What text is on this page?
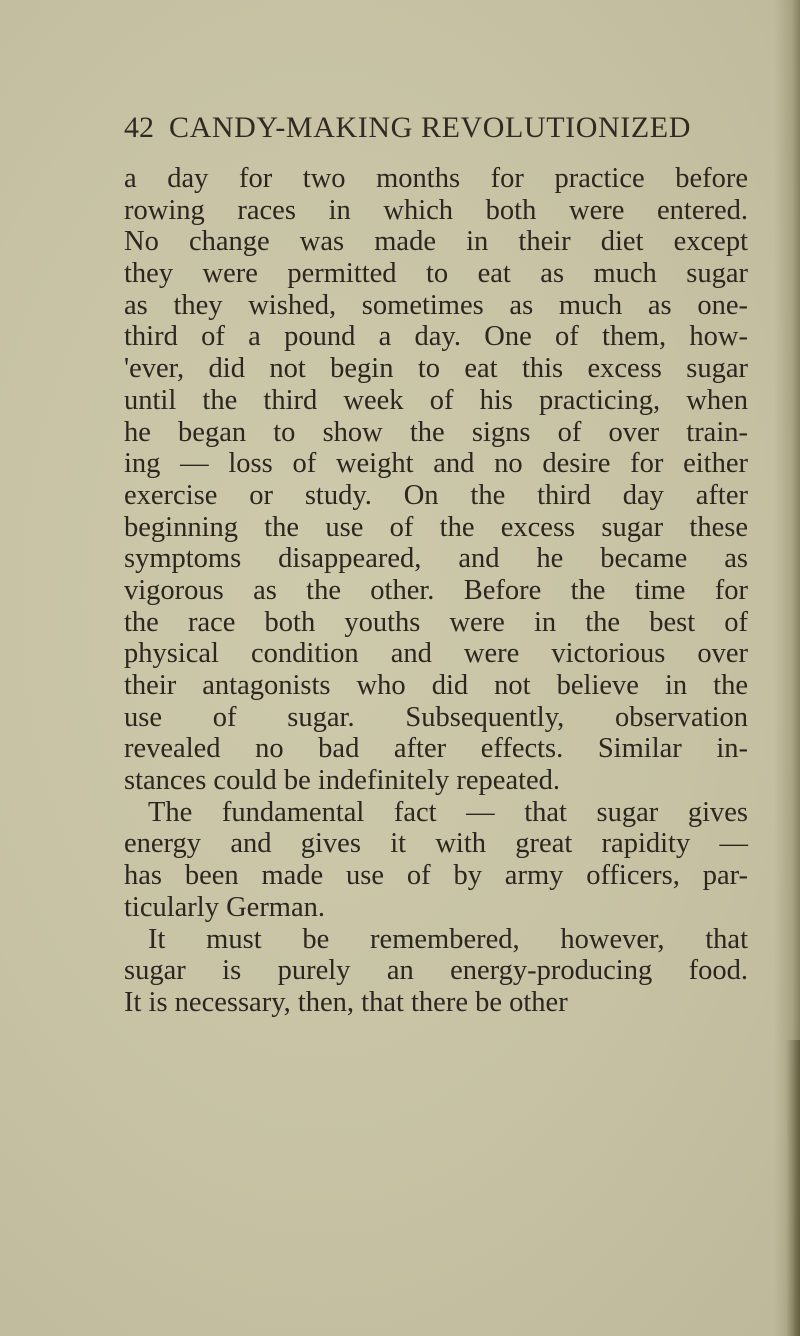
42 CANDY-MAKING REVOLUTIONIZED
a day for two months for practice before
rowing races in which both were entered.
No change was made in their diet except
they were permitted to eat as much sugar
as they wished, sometimes as much as one-
third of a pound a day. One of them, how-
'ever, did not begin to eat this excess sugar
until the third week of his practicing, when
he began to show the signs of over train-
ing — loss of weight and no desire for either
exercise or study. On the third day after
beginning the use of the excess sugar these
symptoms disappeared, and he became as
vigorous as the other. Before the time for
the race both youths were in the best of
physical condition and were victorious over
their antagonists who did not believe in the
use of sugar. Subsequently, observation
revealed no bad after effects. Similar in-
stances could be indefinitely repeated.
The fundamental fact — that sugar gives
energy and gives it with great rapidity —
has been made use of by army officers, par-
ticularly German.
It must be remembered, however, that
sugar is purely an energy-producing food.
It is necessary, then, that there be other
